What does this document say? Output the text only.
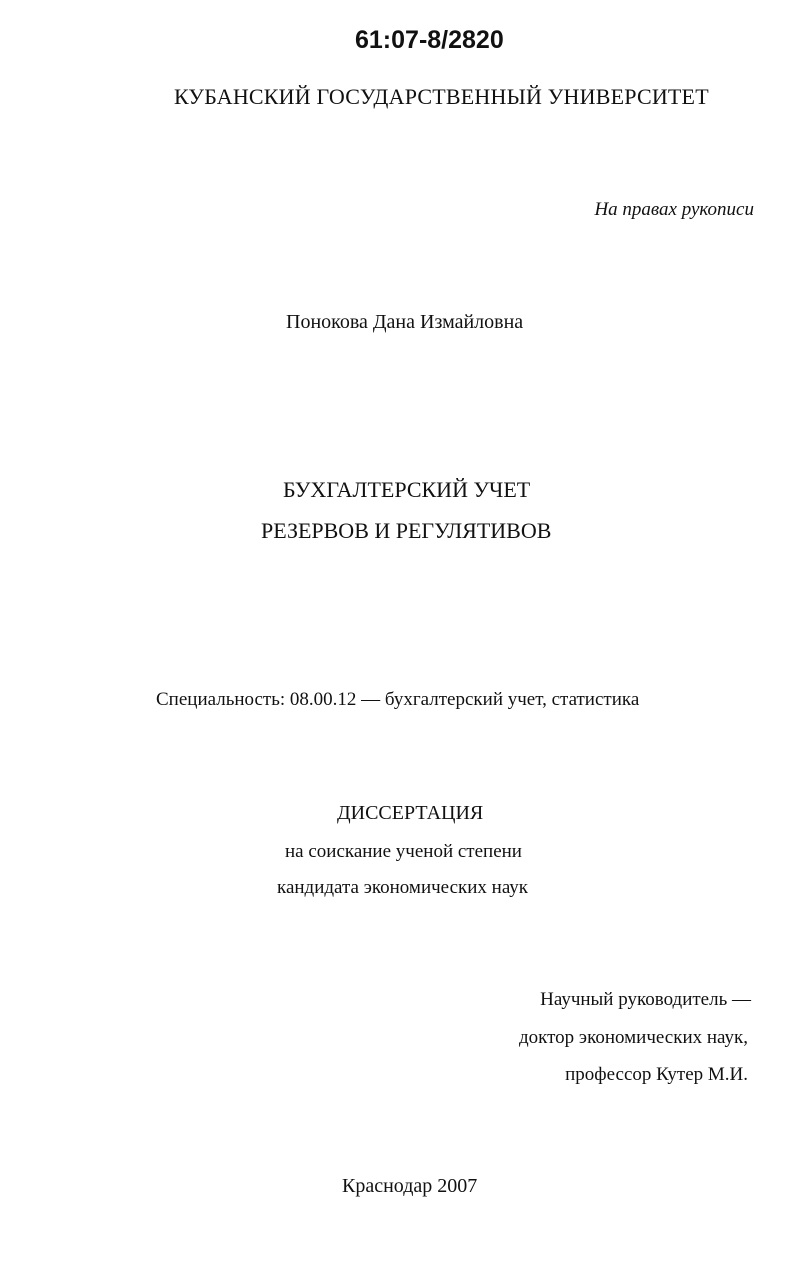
61:07-8/2820
КУБАНСКИЙ ГОСУДАРСТВЕННЫЙ УНИВЕРСИТЕТ
На правах рукописи
Понокова Дана Измайловна
БУХГАЛТЕРСКИЙ УЧЕТ
РЕЗЕРВОВ И РЕГУЛЯТИВОВ
Специальность: 08.00.12 — бухгалтерский учет, статистика
ДИССЕРТАЦИЯ
на соискание ученой степени
кандидата экономических наук
Научный руководитель —
доктор экономических наук,
профессор Кутер М.И.
Краснодар 2007
